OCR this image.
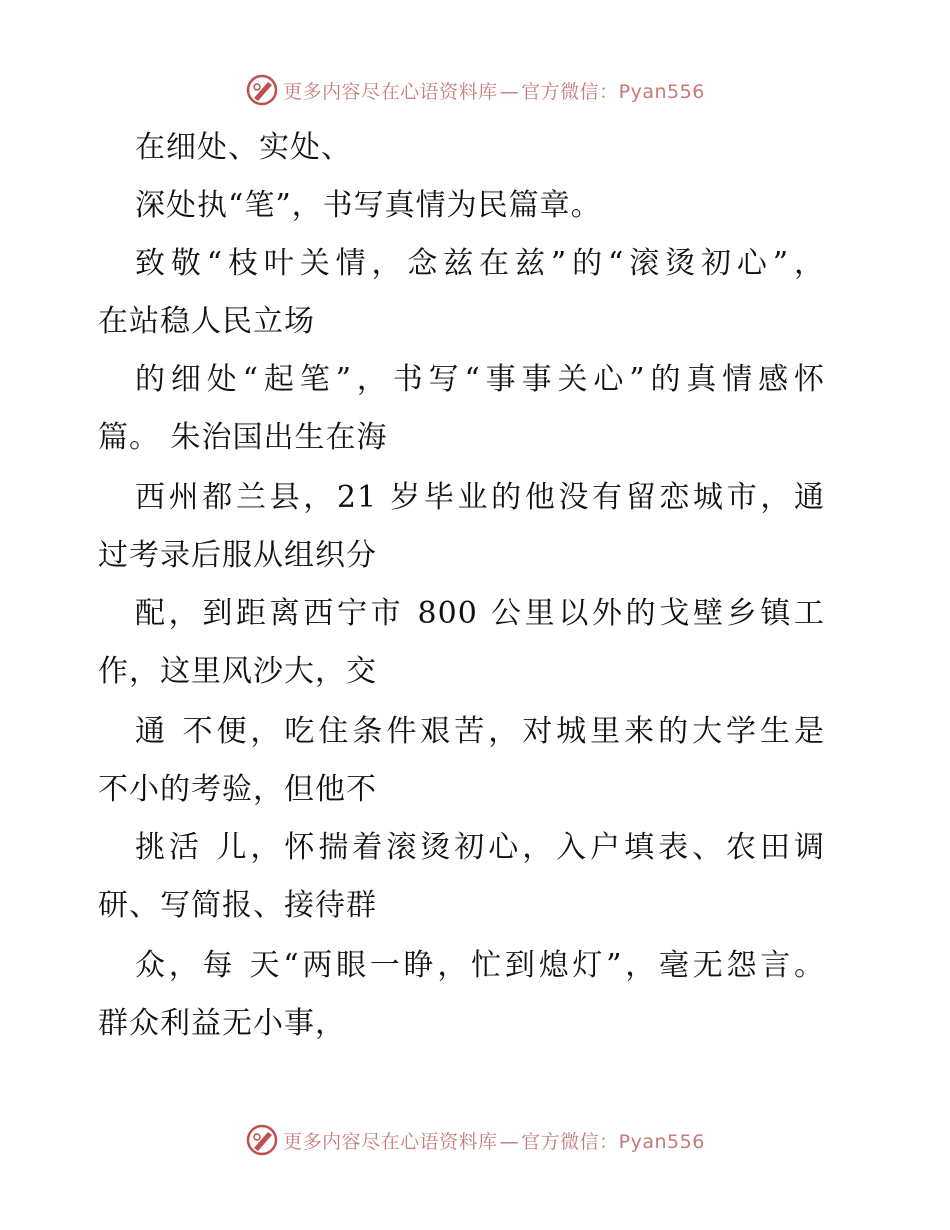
更多内容尽在心语资料库 — 官方微信：Pyan556
在细处、实处、
深处执“笔”，书写真情为民篇章。
致敬“枝叶关情，念兹在兹”的“滚烫初心”，
在站稳人民立场
的细处“起笔”，书写“事事关心”的真情感怀
篇。 朱治国出生在海
西州都兰县，21 岁毕业的他没有留恋城市，通
过考录后服从组织分
配，到距离西宁市 800 公里以外的戈壁乡镇工
作，这里风沙大，交
通 不便，吃住条件艰苦，对城里来的大学生是
不小的考验，但他不
挑活 儿，怀揣着滚烫初心，入户填表、农田调
研、写简报、接待群
众，每 天“两眼一睁，忙到熄灯”，毫无怨言。
群众利益无小事，
更多内容尽在心语资料库 — 官方微信：Pyan556
